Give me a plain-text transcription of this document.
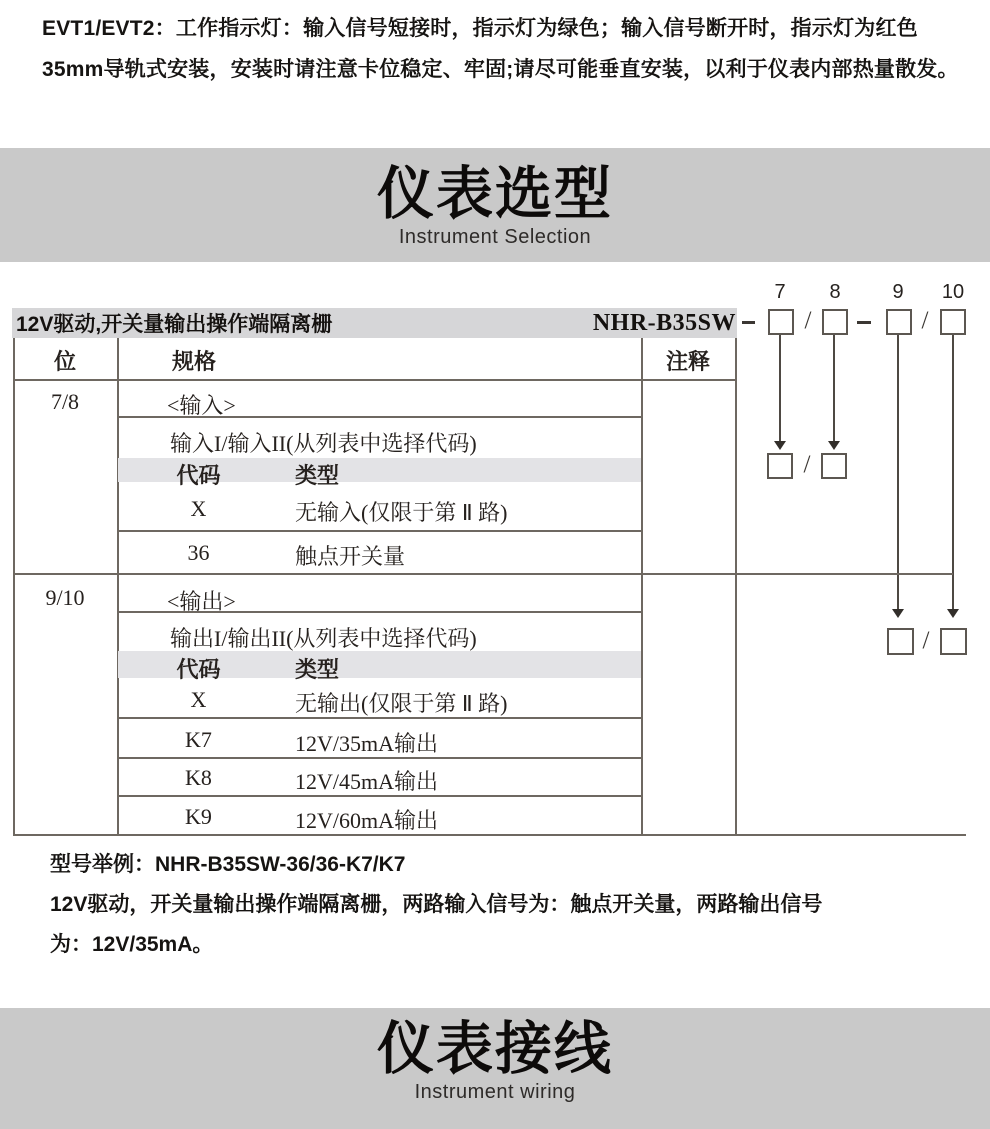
EVT1/EVT2：工作指示灯：输入信号短接时，指示灯为绿色；输入信号断开时，指示灯为红色
35mm导轨式安装，安装时请注意卡位稳定、牢固;请尽可能垂直安装，以利于仪表内部热量散发。
仪表选型
Instrument Selection
7	8	9	10
12V驱动,开关量输出操作端隔离栅	NHR-B35SW	/	/
/
/
位	规格	注释
7/8	<输入>
输入I/输入II(从列表中选择代码)
代码	类型
X	无输入(仅限于第 Ⅱ 路)
36	触点开关量
9/10	<输出>
输出I/输出II(从列表中选择代码)
代码	类型
X	无输出(仅限于第 Ⅱ 路)
K7	12V/35mA输出
K8	12V/45mA输出
K9	12V/60mA输出
型号举例：NHR-B35SW-36/36-K7/K7
12V驱动，开关量输出操作端隔离栅，两路输入信号为：触点开关量，两路输出信号
为：12V/35mA。
仪表接线
Instrument wiring
